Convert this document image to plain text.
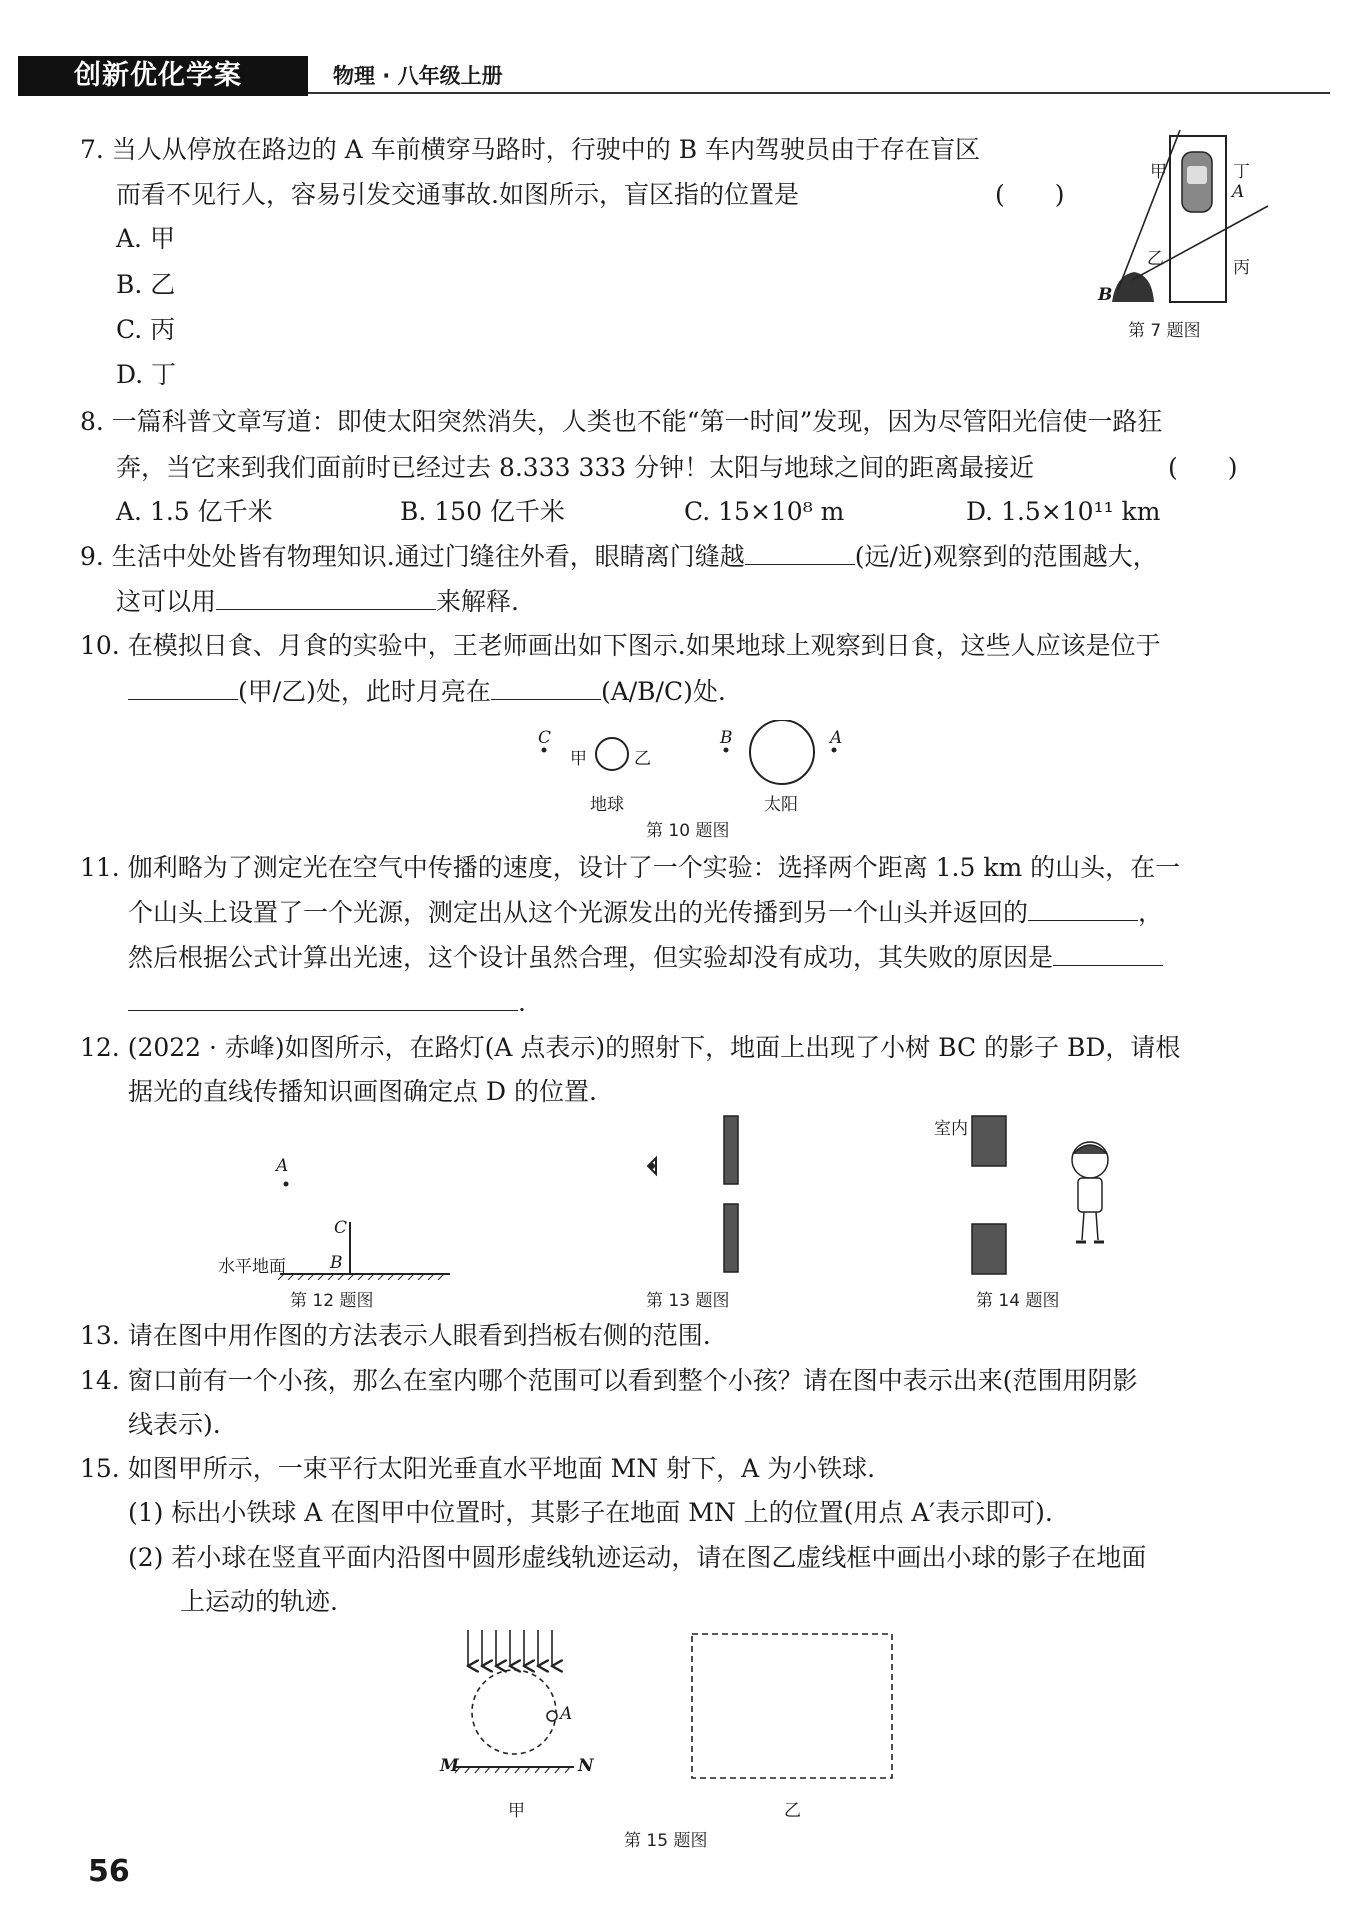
创新优化学案	物理 · 八年级上册
7. 当人从停放在路边的 A 车前横穿马路时，行驶中的 B 车内驾驶员由于存在盲区
而看不见行人，容易引发交通事故.如图所示，盲区指的位置是	(　　)
A. 甲
B. 乙
C. 丙
D. 丁
甲	丁
A
乙	丙
B
第 7 题图
8. 一篇科普文章写道：即使太阳突然消失，人类也不能“第一时间”发现，因为尽管阳光信使一路狂
奔，当它来到我们面前时已经过去 8.333 333 分钟！太阳与地球之间的距离最接近	(　　)
A. 1.5 亿千米	B. 150 亿千米	C. 15×10⁸ m	D. 1.5×10¹¹ km
9. 生活中处处皆有物理知识.通过门缝往外看，眼睛离门缝越	(远/近)观察到的范围越大，
这可以用	来解释.
10. 在模拟日食、月食的实验中，王老师画出如下图示.如果地球上观察到日食，这些人应该是位于
(甲/乙)处，此时月亮在	(A/B/C)处.
C
甲	乙
B	A
地球	太阳
第 10 题图
11. 伽利略为了测定光在空气中传播的速度，设计了一个实验：选择两个距离 1.5 km 的山头，在一
个山头上设置了一个光源，测定出从这个光源发出的光传播到另一个山头并返回的	，
然后根据公式计算出光速，这个设计虽然合理，但实验却没有成功，其失败的原因是
.
12. (2022 · 赤峰)如图所示，在路灯(A 点表示)的照射下，地面上出现了小树 BC 的影子 BD，请根
据光的直线传播知识画图确定点 D 的位置.
A
C
B
水平地面
第 12 题图	第 13 题图
室内
第 14 题图
13. 请在图中用作图的方法表示人眼看到挡板右侧的范围.
14. 窗口前有一个小孩，那么在室内哪个范围可以看到整个小孩？请在图中表示出来(范围用阴影
线表示).
15. 如图甲所示，一束平行太阳光垂直水平地面 MN 射下，A 为小铁球.
(1) 标出小铁球 A 在图甲中位置时，其影子在地面 MN 上的位置(用点 A′表示即可).
(2) 若小球在竖直平面内沿图中圆形虚线轨迹运动，请在图乙虚线框中画出小球的影子在地面
上运动的轨迹.
A
M	N
甲	乙
第 15 题图
56
